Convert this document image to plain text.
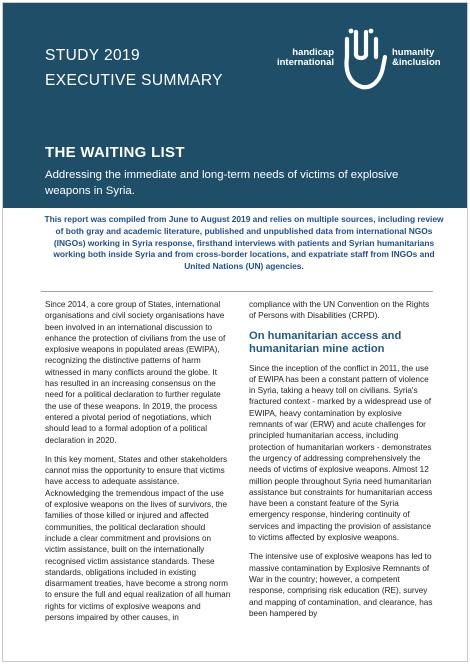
STUDY 2019
EXECUTIVE SUMMARY
handicap
international
humanity
&inclusion
THE WAITING LIST
Addressing the immediate and long-term needs of victims of explosive weapons in Syria.
This report was compiled from June to August 2019 and relies on multiple sources, including review of both gray and academic literature, published and unpublished data from international NGOs (INGOs) working in Syria response, firsthand interviews with patients and Syrian humanitarians working both inside Syria and from cross-border locations, and expatriate staff from INGOs and United Nations (UN) agencies.

Since 2014, a core group of States, international organisations and civil society organisations have been involved in an international discussion to enhance the protection of civilians from the use of explosive weapons in populated areas (EWIPA), recognizing the distinctive patterns of harm witnessed in many conflicts around the globe. It has resulted in an increasing consensus on the need for a political declaration to further regulate the use of these weapons. In 2019, the process entered a pivotal period of negotiations, which should lead to a formal adoption of a political declaration in 2020.

In this key moment, States and other stakeholders cannot miss the opportunity to ensure that victims have access to adequate assistance. Acknowledging the tremendous impact of the use of explosive weapons on the lives of survivors, the families of those killed or injured and affected communities, the political declaration should include a clear commitment and provisions on victim assistance, built on the internationally recognised victim assistance standards. These standards, obligations included in existing disarmament treaties, have become a strong norm to ensure the full and equal realization of all human rights for victims of explosive weapons and persons impaired by other causes, in

compliance with the UN Convention on the Rights of Persons with Disabilities (CRPD).

On humanitarian access and humanitarian mine action

Since the inception of the conflict in 2011, the use of EWIPA has been a constant pattern of violence in Syria, taking a heavy toll on civilians. Syria's fractured context - marked by a widespread use of EWIPA, heavy contamination by explosive remnants of war (ERW) and acute challenges for principled humanitarian access, including protection of humanitarian workers - demonstrates the urgency of addressing comprehensively the needs of victims of explosive weapons. Almost 12 million people throughout Syria need humanitarian assistance but constraints for humanitarian access have been a constant feature of the Syria emergency response, hindering continuity of services and impacting the provision of assistance to victims affected by explosive weapons.

The intensive use of explosive weapons has led to massive contamination by Explosive Remnants of War in the country; however, a competent response, comprising risk education (RE), survey and mapping of contamination, and clearance, has been hampered by
